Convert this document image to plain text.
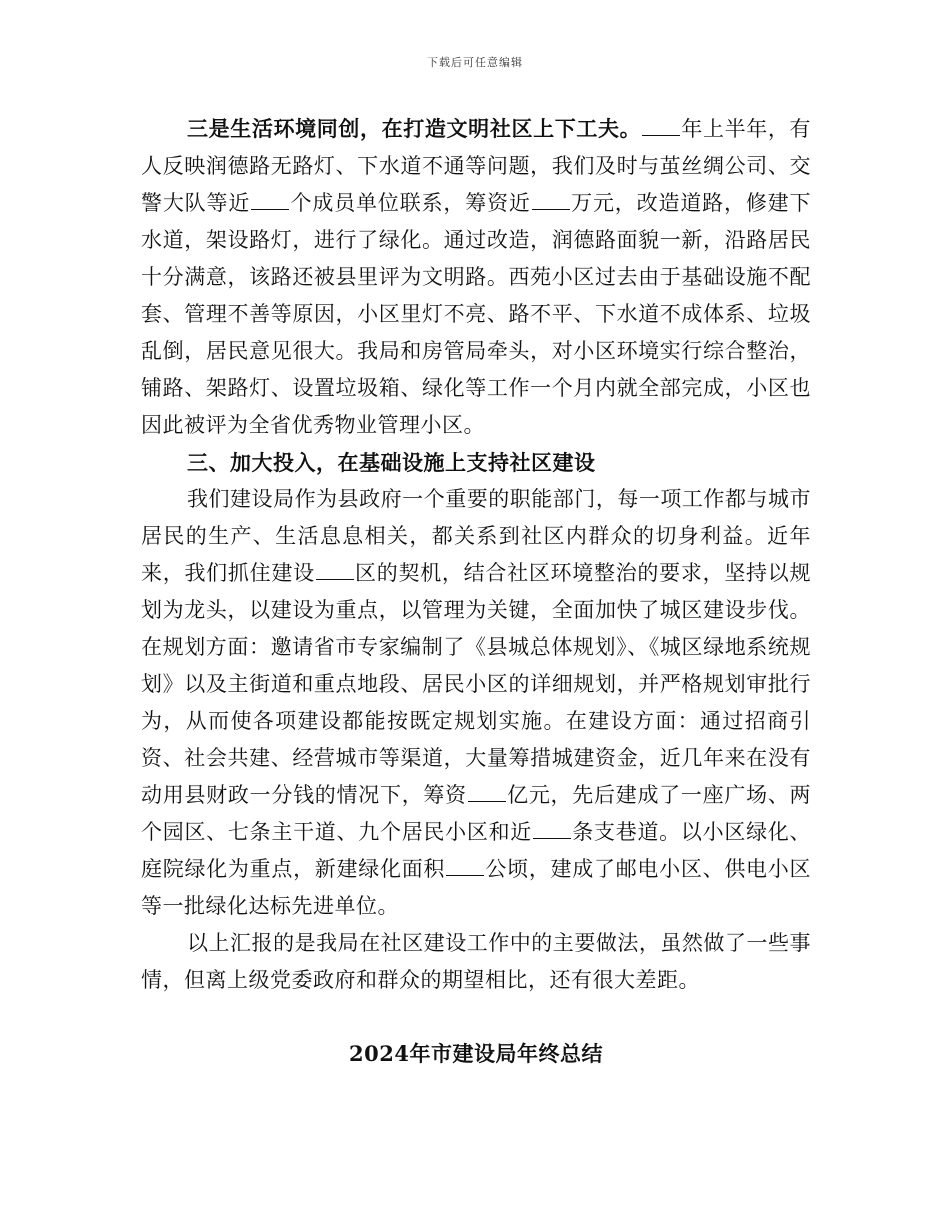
下载后可任意编辑

三是生活环境同创，在打造文明社区上下工夫。 年上半年，有人反映润德路无路灯、下水道不通等问题，我们及时与茧丝绸公司、交警大队等近 个成员单位联系，筹资近 万元，改造道路，修建下水道，架设路灯，进行了绿化。通过改造，润德路面貌一新，沿路居民十分满意，该路还被县里评为文明路。西苑小区过去由于基础设施不配套、管理不善等原因，小区里灯不亮、路不平、下水道不成体系、垃圾乱倒，居民意见很大。我局和房管局牵头，对小区环境实行综合整治，铺路、架路灯、设置垃圾箱、绿化等工作一个月内就全部完成，小区也因此被评为全省优秀物业管理小区。

三、加大投入，在基础设施上支持社区建设

我们建设局作为县政府一个重要的职能部门，每一项工作都与城市居民的生产、生活息息相关，都关系到社区内群众的切身利益。近年来，我们抓住建设 区的契机，结合社区环境整治的要求，坚持以规划为龙头，以建设为重点，以管理为关键，全面加快了城区建设步伐。在规划方面：邀请省市专家编制了《县城总体规划》、《城区绿地系统规划》以及主街道和重点地段、居民小区的详细规划，并严格规划审批行为，从而使各项建设都能按既定规划实施。在建设方面：通过招商引资、社会共建、经营城市等渠道，大量筹措城建资金，近几年来在没有动用县财政一分钱的情况下，筹资 亿元，先后建成了一座广场、两个园区、七条主干道、九个居民小区和近 条支巷道。以小区绿化、庭院绿化为重点，新建绿化面积 公顷，建成了邮电小区、供电小区等一批绿化达标先进单位。

以上汇报的是我局在社区建设工作中的主要做法，虽然做了一些事情，但离上级党委政府和群众的期望相比，还有很大差距。

2024年市建设局年终总结
